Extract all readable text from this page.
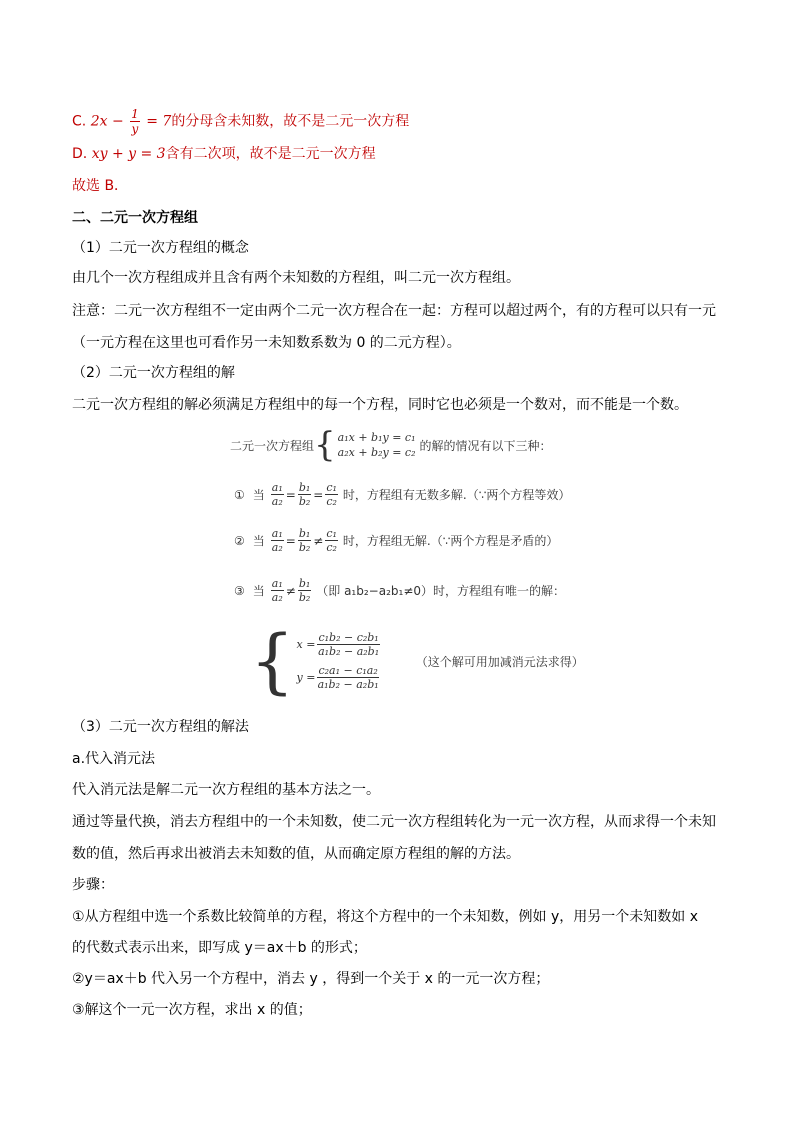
C. $2x - \frac{1}{y} = 7$的分母含未知数，故不是二元一次方程
D. xy + y = 3含有二次项，故不是二元一次方程
故选 B．
二、二元一次方程组
（1）二元一次方程组的概念
由几个一次方程组成并且含有两个未知数的方程组，叫二元一次方程组。
注意：二元一次方程组不一定由两个二元一次方程合在一起：方程可以超过两个，有的方程可以只有一元
（一元方程在这里也可看作另一未知数系数为 0 的二元方程）。
（2）二元一次方程组的解
二元一次方程组的解必须满足方程组中的每一个方程，同时它也必须是一个数对，而不能是一个数。
二元一次方程组 { a₁x + b₁y = c₁
a₂x + b₂y = c₂ 的解的情况有以下三种：
① 当 $\frac{\text{a₁}}{\text{a₂}} = \frac{\text{b₁}}{\text{b₂}} = \frac{\text{c₁}}{\text{c₂}}$ 时，方程组有无数多解.（∵两个方程等效）
② 当 $\frac{\text{a₁}}{\text{a₂}} = \frac{\text{b₁}}{\text{b₂}} \ne \frac{\text{c₁}}{\text{c₂}}$ 时，方程组无解.（∵两个方程是矛盾的）
③ 当 $\frac{\text{a₁}}{\text{a₂}} \ne \frac{\text{b₁}}{\text{b₂}}$ （即 a₁b₂−a₂b₁≠0）时，方程组有唯一的解：
{ $x = \frac{\text{c₁b₂ − c₂b₁}}{\text{a₁b₂ − a₂b₁}}$
$y = \frac{\text{c₂a₁ − c₁a₂}}{\text{a₁b₂ − a₂b₁}}$
（这个解可用加减消元法求得）
（3）二元一次方程组的解法
a.代入消元法
代入消元法是解二元一次方程组的基本方法之一。
通过等量代换，消去方程组中的一个未知数，使二元一次方程组转化为一元一次方程，从而求得一个未知
数的值，然后再求出被消去未知数的值，从而确定原方程组的解的方法。
步骤：
①从方程组中选一个系数比较简单的方程，将这个方程中的一个未知数，例如 y，用另一个未知数如 x
的代数式表示出来，即写成 y＝ax＋b 的形式；
②y＝ax＋b 代入另一个方程中，消去 y ，得到一个关于 x 的一元一次方程；
③解这个一元一次方程，求出 x 的值；
